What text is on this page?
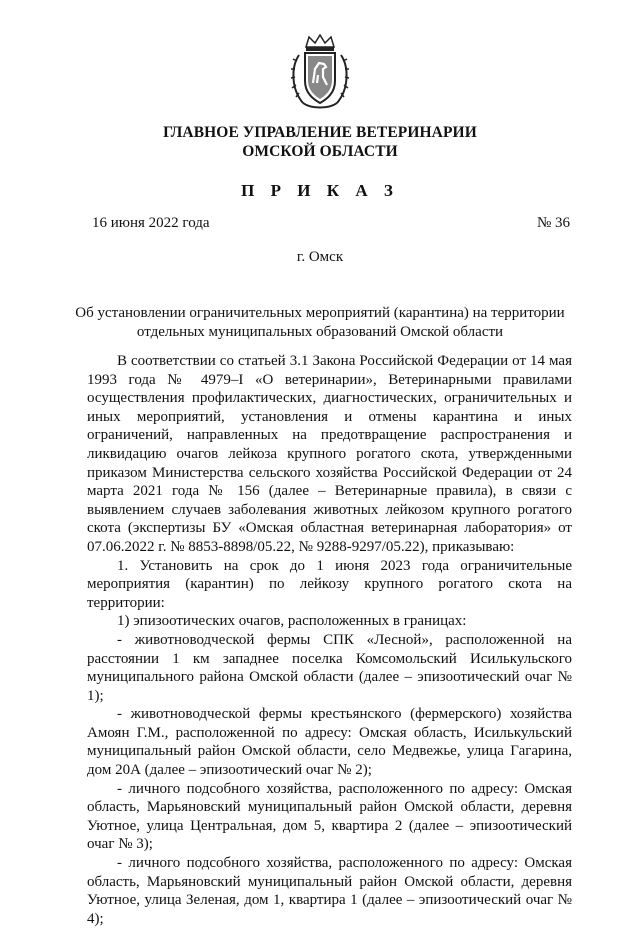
ГЛАВНОЕ УПРАВЛЕНИЕ ВЕТЕРИНАРИИ
ОМСКОЙ ОБЛАСТИ
П Р И К А З
16 июня 2022 года	№ 36
г. Омск
Об установлении ограничительных мероприятий (карантина) на территории отдельных муниципальных образований Омской области

В соответствии со статьей 3.1 Закона Российской Федерации от 14 мая 1993 года № 4979–I «О ветеринарии», Ветеринарными правилами осуществления профилактических, диагностических, ограничительных и иных мероприятий, установления и отмены карантина и иных ограничений, направленных на предотвращение распространения и ликвидацию очагов лейкоза крупного рогатого скота, утвержденными приказом Министерства сельского хозяйства Российской Федерации от 24 марта 2021 года № 156 (далее – Ветеринарные правила), в связи с выявлением случаев заболевания животных лейкозом крупного рогатого скота (экспертизы БУ «Омская областная ветеринарная лаборатория» от 07.06.2022 г. № 8853-8898/05.22, № 9288-9297/05.22), приказываю:

1. Установить на срок до 1 июня 2023 года ограничительные мероприятия (карантин) по лейкозу крупного рогатого скота на территории:

1) эпизоотических очагов, расположенных в границах:

- животноводческой фермы СПК «Лесной», расположенной на расстоянии 1 км западнее поселка Комсомольский Исилькульского муниципального района Омской области (далее – эпизоотический очаг № 1);

- животноводческой фермы крестьянского (фермерского) хозяйства Амоян Г.М., расположенной по адресу: Омская область, Исилькульский муниципальный район Омской области, село Медвежье, улица Гагарина, дом 20А (далее – эпизоотический очаг № 2);

- личного подсобного хозяйства, расположенного по адресу: Омская область, Марьяновский муниципальный район Омской области, деревня Уютное, улица Центральная, дом 5, квартира 2 (далее – эпизоотический очаг № 3);

- личного подсобного хозяйства, расположенного по адресу: Омская область, Марьяновский муниципальный район Омской области, деревня Уютное, улица Зеленая, дом 1, квартира 1 (далее – эпизоотический очаг № 4);
